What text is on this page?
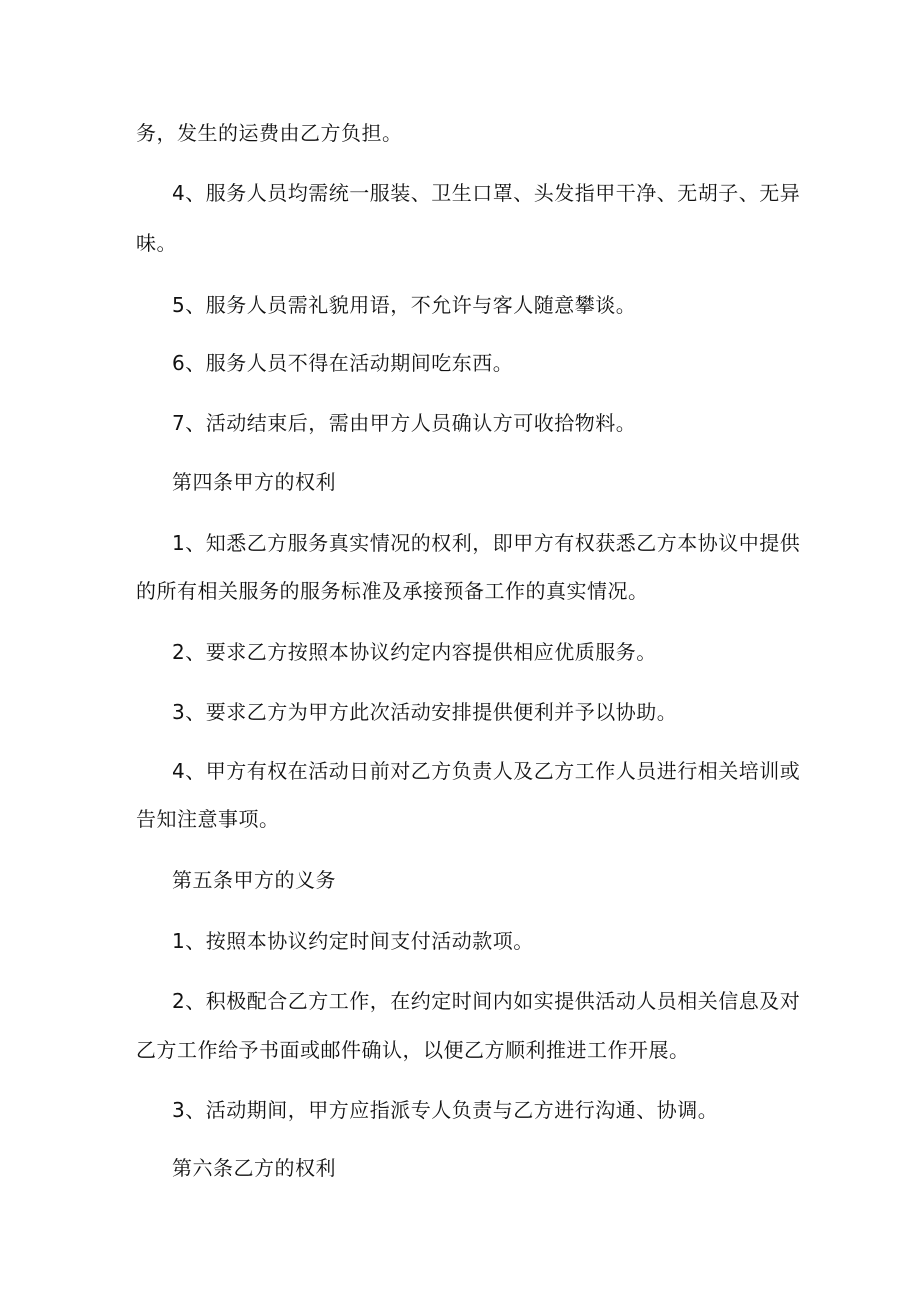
务，发生的运费由乙方负担。
4、服务人员均需统一服装、卫生口罩、头发指甲干净、无胡子、无异
味。
5、服务人员需礼貌用语，不允许与客人随意攀谈。
6、服务人员不得在活动期间吃东西。
7、活动结束后，需由甲方人员确认方可收拾物料。
第四条甲方的权利
1、知悉乙方服务真实情况的权利，即甲方有权获悉乙方本协议中提供
的所有相关服务的服务标准及承接预备工作的真实情况。
2、要求乙方按照本协议约定内容提供相应优质服务。
3、要求乙方为甲方此次活动安排提供便利并予以协助。
4、甲方有权在活动日前对乙方负责人及乙方工作人员进行相关培训或
告知注意事项。
第五条甲方的义务
1、按照本协议约定时间支付活动款项。
2、积极配合乙方工作，在约定时间内如实提供活动人员相关信息及对
乙方工作给予书面或邮件确认，以便乙方顺利推进工作开展。
3、活动期间，甲方应指派专人负责与乙方进行沟通、协调。
第六条乙方的权利
